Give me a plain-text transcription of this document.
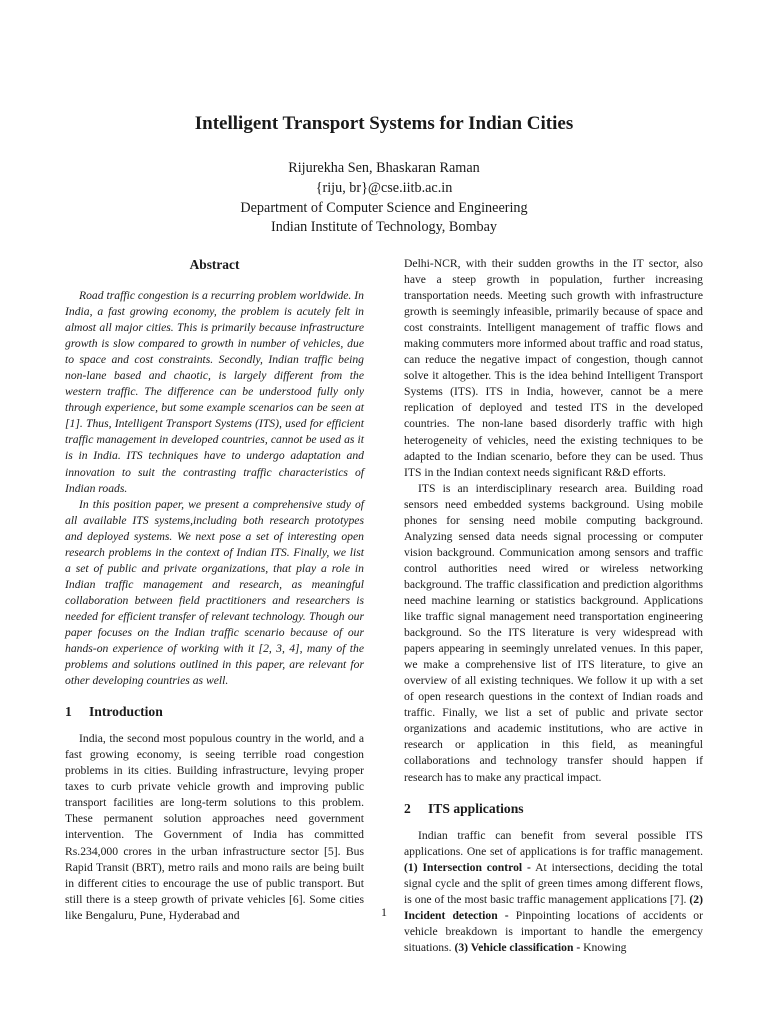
Intelligent Transport Systems for Indian Cities
Rijurekha Sen, Bhaskaran Raman
{riju, br}@cse.iitb.ac.in
Department of Computer Science and Engineering
Indian Institute of Technology, Bombay
Abstract

Road traffic congestion is a recurring problem worldwide. In India, a fast growing economy, the problem is acutely felt in almost all major cities. This is primarily because infrastructure growth is slow compared to growth in number of vehicles, due to space and cost constraints. Secondly, Indian traffic being non-lane based and chaotic, is largely different from the western traffic. The difference can be understood fully only through experience, but some example scenarios can be seen at [1]. Thus, Intelligent Transport Systems (ITS), used for efficient traffic management in developed countries, cannot be used as it is in India. ITS techniques have to undergo adaptation and innovation to suit the contrasting traffic characteristics of Indian roads.

In this position paper, we present a comprehensive study of all available ITS systems,including both research prototypes and deployed systems. We next pose a set of interesting open research problems in the context of Indian ITS. Finally, we list a set of public and private organizations, that play a role in Indian traffic management and research, as meaningful collaboration between field practitioners and researchers is needed for efficient transfer of relevant technology. Though our paper focuses on the Indian traffic scenario because of our hands-on experience of working with it [2, 3, 4], many of the problems and solutions outlined in this paper, are relevant for other developing countries as well.

1 Introduction

India, the second most populous country in the world, and a fast growing economy, is seeing terrible road congestion problems in its cities. Building infrastructure, levying proper taxes to curb private vehicle growth and improving public transport facilities are long-term solutions to this problem. These permanent solution approaches need government intervention. The Government of India has committed Rs.234,000 crores in the urban infrastructure sector [5]. Bus Rapid Transit (BRT), metro rails and mono rails are being built in different cities to encourage the use of public transport. But still there is a steep growth of private vehicles [6]. Some cities like Bengaluru, Pune, Hyderabad and

Delhi-NCR, with their sudden growths in the IT sector, also have a steep growth in population, further increasing transportation needs. Meeting such growth with infrastructure growth is seemingly infeasible, primarily because of space and cost constraints. Intelligent management of traffic flows and making commuters more informed about traffic and road status, can reduce the negative impact of congestion, though cannot solve it altogether. This is the idea behind Intelligent Transport Systems (ITS). ITS in India, however, cannot be a mere replication of deployed and tested ITS in the developed countries. The non-lane based disorderly traffic with high heterogeneity of vehicles, need the existing techniques to be adapted to the Indian scenario, before they can be used. Thus ITS in the Indian context needs significant R&D efforts.

ITS is an interdisciplinary research area. Building road sensors need embedded systems background. Using mobile phones for sensing need mobile computing background. Analyzing sensed data needs signal processing or computer vision background. Communication among sensors and traffic control authorities need wired or wireless networking background. The traffic classification and prediction algorithms need machine learning or statistics background. Applications like traffic signal management need transportation engineering background. So the ITS literature is very widespread with papers appearing in seemingly unrelated venues. In this paper, we make a comprehensive list of ITS literature, to give an overview of all existing techniques. We follow it up with a set of open research questions in the context of Indian roads and traffic. Finally, we list a set of public and private sector organizations and academic institutions, who are active in research or application in this field, as meaningful collaborations and technology transfer should happen if research has to make any practical impact.

2 ITS applications

Indian traffic can benefit from several possible ITS applications. One set of applications is for traffic management. (1) Intersection control - At intersections, deciding the total signal cycle and the split of green times among different flows, is one of the most basic traffic management applications [7]. (2) Incident detection - Pinpointing locations of accidents or vehicle breakdown is important to handle the emergency situations. (3) Vehicle classification - Knowing

1
